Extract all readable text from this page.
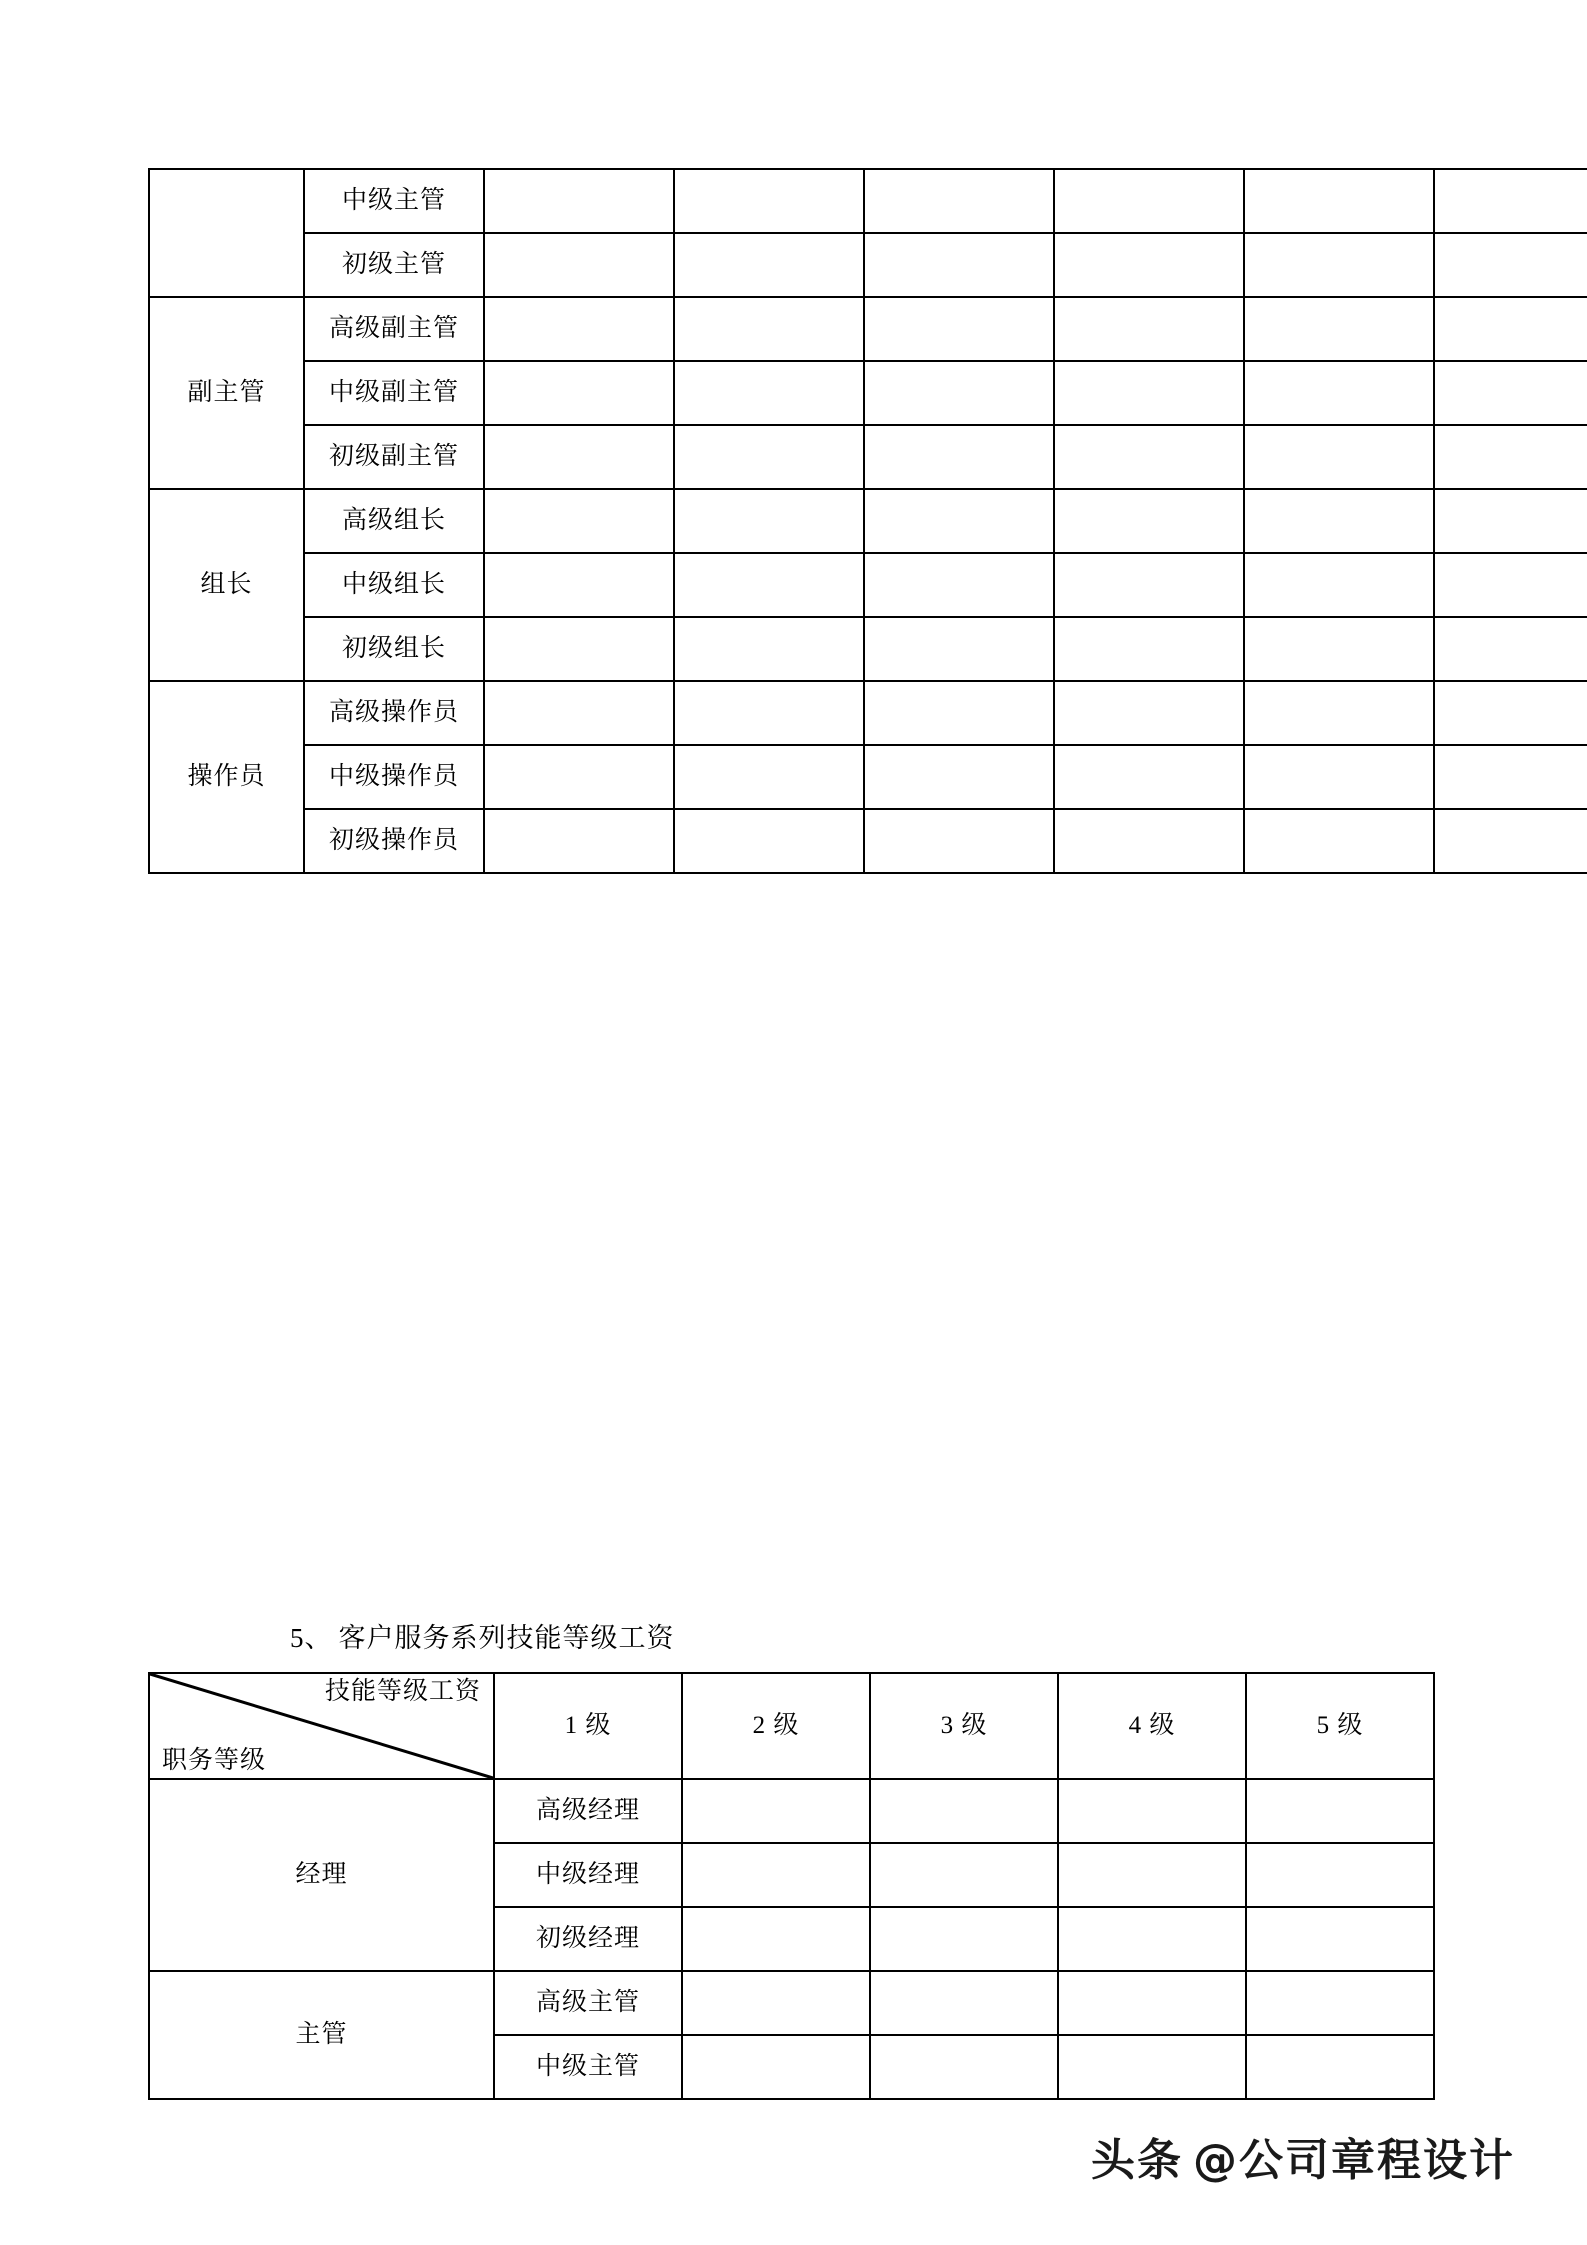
	中级主管						
	初级主管						
副主管	高级副主管						
	中级副主管						
	初级副主管						
组长	高级组长						
	中级组长						
	初级组长						
操作员	高级操作员						
	中级操作员						
	初级操作员						
5、 客户服务系列技能等级工资
技能等级工资
职务等级	1 级	2 级	3 级	4 级	5 级	
经理	高级经理					
	中级经理					
	初级经理					
主管	高级主管					
	中级主管					
头条 @公司章程设计
